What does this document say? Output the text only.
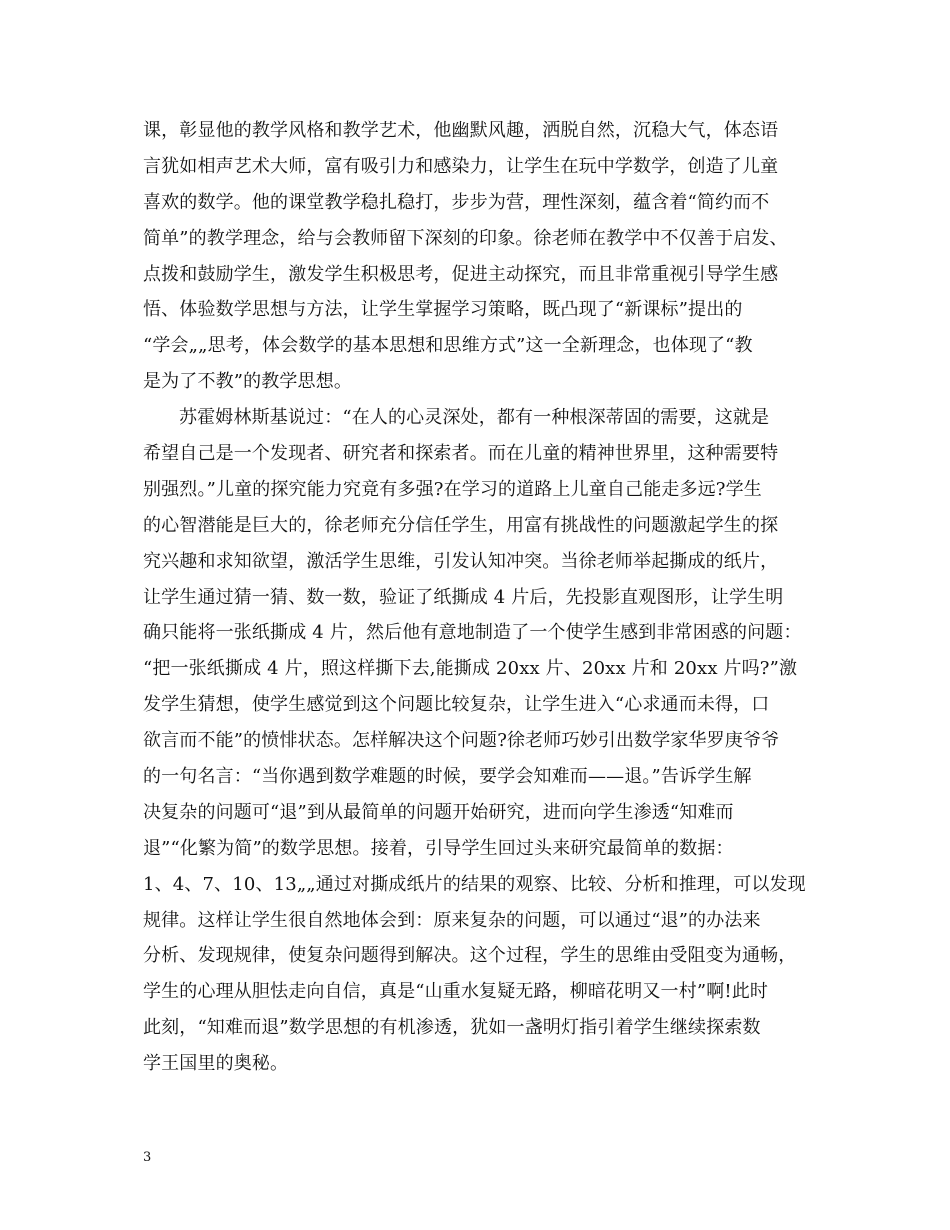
课，彰显他的教学风格和教学艺术，他幽默风趣，洒脱自然，沉稳大气，体态语
言犹如相声艺术大师，富有吸引力和感染力，让学生在玩中学数学，创造了儿童
喜欢的数学。他的课堂教学稳扎稳打，步步为营，理性深刻，蕴含着“简约而不
简单”的教学理念，给与会教师留下深刻的印象。徐老师在教学中不仅善于启发、
点拨和鼓励学生，激发学生积极思考，促进主动探究，而且非常重视引导学生感
悟、体验数学思想与方法，让学生掌握学习策略，既凸现了“新课标”提出的
“学会„„思考，体会数学的基本思想和思维方式”这一全新理念，也体现了“教
是为了不教”的教学思想。
苏霍姆林斯基说过：“在人的心灵深处，都有一种根深蒂固的需要，这就是
希望自己是一个发现者、研究者和探索者。而在儿童的精神世界里，这种需要特
别强烈。”儿童的探究能力究竟有多强?在学习的道路上儿童自己能走多远?学生
的心智潜能是巨大的，徐老师充分信任学生，用富有挑战性的问题激起学生的探
究兴趣和求知欲望，激活学生思维，引发认知冲突。当徐老师举起撕成的纸片，
让学生通过猜一猜、数一数，验证了纸撕成 4 片后，先投影直观图形，让学生明
确只能将一张纸撕成 4 片，然后他有意地制造了一个使学生感到非常困惑的问题：
“把一张纸撕成 4 片，照这样撕下去,能撕成 20xx 片、20xx 片和 20xx 片吗?”激
发学生猜想，使学生感觉到这个问题比较复杂，让学生进入“心求通而未得，口
欲言而不能”的愤悱状态。怎样解决这个问题?徐老师巧妙引出数学家华罗庚爷爷
的一句名言：“当你遇到数学难题的时候，要学会知难而——退。”告诉学生解
决复杂的问题可“退”到从最简单的问题开始研究，进而向学生渗透“知难而
退”“化繁为简”的数学思想。接着，引导学生回过头来研究最简单的数据：
1、4、7、10、13„„通过对撕成纸片的结果的观察、比较、分析和推理，可以发现
规律。这样让学生很自然地体会到：原来复杂的问题，可以通过“退”的办法来
分析、发现规律，使复杂问题得到解决。这个过程，学生的思维由受阻变为通畅，
学生的心理从胆怯走向自信，真是“山重水复疑无路，柳暗花明又一村”啊!此时
此刻，“知难而退”数学思想的有机渗透，犹如一盏明灯指引着学生继续探索数
学王国里的奥秘。
3
